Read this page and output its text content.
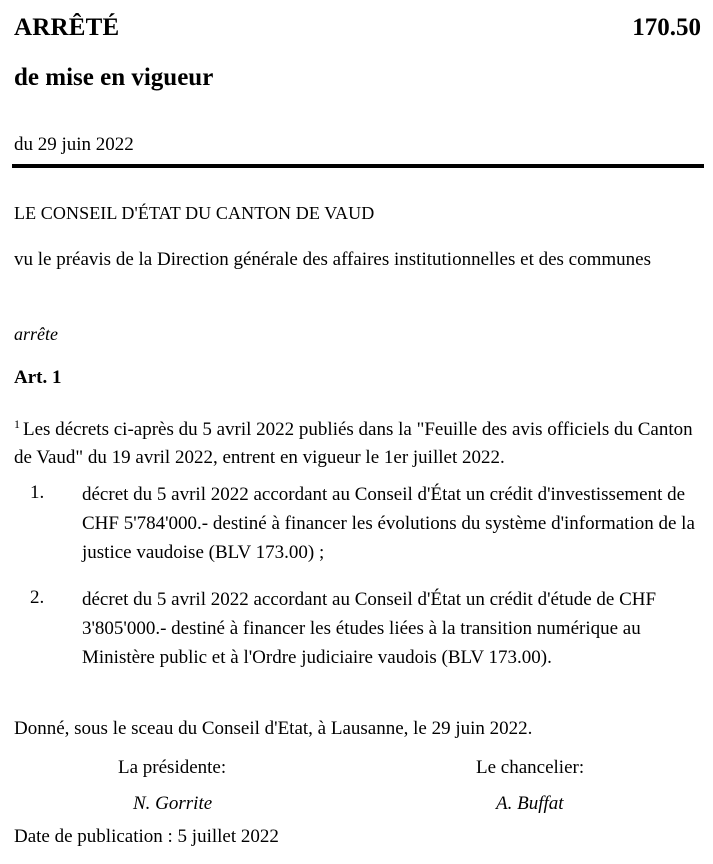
ARRÊTÉ	170.50
de mise en vigueur
du 29 juin 2022
LE CONSEIL D'ÉTAT DU CANTON DE VAUD
vu le préavis de la Direction générale des affaires institutionnelles et des communes
arrête
Art. 1
$^1$ Les décrets ci-après du 5 avril 2022 publiés dans la "Feuille des avis officiels du Canton de Vaud" du 19 avril 2022, entrent en vigueur le 1er juillet 2022.
1. décret du 5 avril 2022 accordant au Conseil d'État un crédit d'investissement de CHF 5'784'000.- destiné à financer les évolutions du système d'information de la justice vaudoise (BLV 173.00) ;
2. décret du 5 avril 2022 accordant au Conseil d'État un crédit d'étude de CHF 3'805'000.- destiné à financer les études liées à la transition numérique au Ministère public et à l'Ordre judiciaire vaudois (BLV 173.00).
Donné, sous le sceau du Conseil d'Etat, à Lausanne, le 29 juin 2022.
La présidente:	Le chancelier:
N. Gorrite	A. Buffat
Date de publication : 5 juillet 2022
